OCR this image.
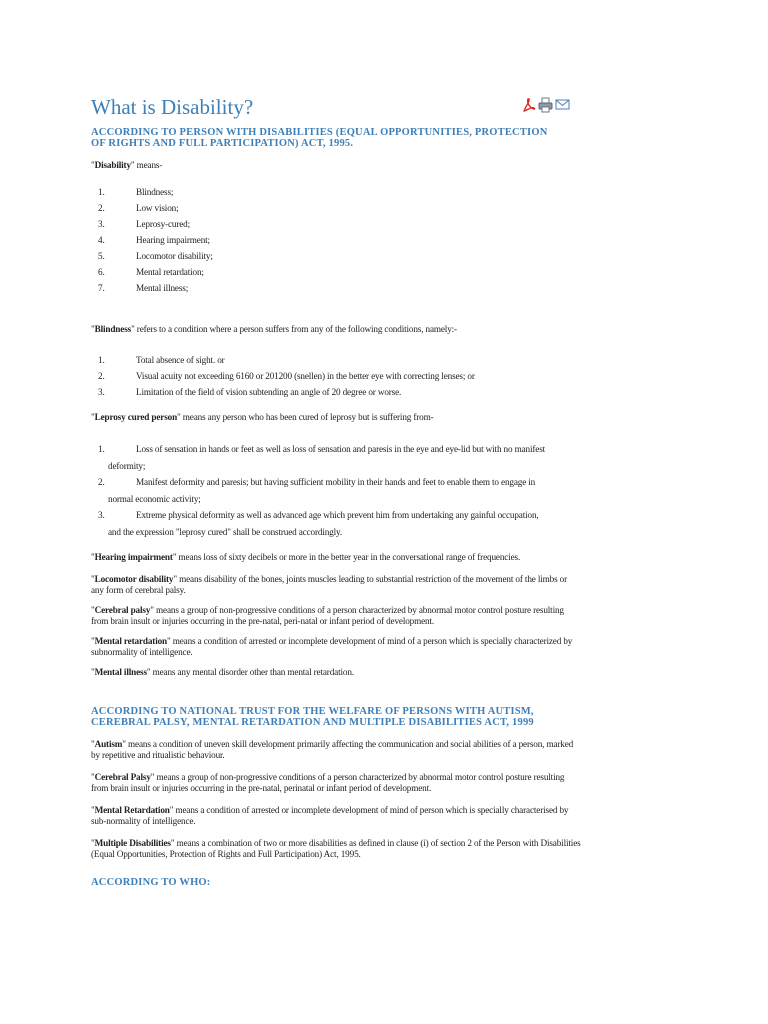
What is Disability?
ACCORDING TO PERSON WITH DISABILITIES (EQUAL OPPORTUNITIES, PROTECTION OF RIGHTS AND FULL PARTICIPATION) ACT, 1995.

"Disability" means-

1.	Blindness;
2.	Low vision;
3.	Leprosy-cured;
4.	Hearing impairment;
5.	Locomotor disability;
6.	Mental retardation;
7.	Mental illness;

"Blindness" refers to a condition where a person suffers from any of the following conditions, namely:-

1.	Total absence of sight. or
2.	Visual acuity not exceeding 6160 or 201200 (snellen) in the better eye with correcting lenses; or
3.	Limitation of the field of vision subtending an angle of 20 degree or worse.

"Leprosy cured person" means any person who has been cured of leprosy but is suffering from-

1.	Loss of sensation in hands or feet as well as loss of sensation and paresis in the eye and eye-lid but with no manifest
deformity;
2.	Manifest deformity and paresis; but having sufficient mobility in their hands and feet to enable them to engage in
normal economic activity;
3.	Extreme physical deformity as well as advanced age which prevent him from undertaking any gainful occupation,
and the expression "leprosy cured" shall be construed accordingly.

"Hearing impairment" means loss of sixty decibels or more in the better year in the conversational range of frequencies.

"Locomotor disability" means disability of the bones, joints muscles leading to substantial restriction of the movement of the limbs or any form of cerebral palsy.

"Cerebral palsy" means a group of non-progressive conditions of a person characterized by abnormal motor control posture resulting from brain insult or injuries occurring in the pre-natal, peri-natal or infant period of development.

"Mental retardation" means a condition of arrested or incomplete development of mind of a person which is specially characterized by subnormality of intelligence.

"Mental illness" means any mental disorder other than mental retardation.

ACCORDING TO NATIONAL TRUST FOR THE WELFARE OF PERSONS WITH AUTISM, CEREBRAL PALSY, MENTAL RETARDATION AND MULTIPLE DISABILITIES ACT, 1999

"Autism" means a condition of uneven skill development primarily affecting the communication and social abilities of a person, marked by repetitive and ritualistic behaviour.

"Cerebral Palsy" means a group of non-progressive conditions of a person characterized by abnormal motor control posture resulting from brain insult or injuries occurring in the pre-natal, perinatal or infant period of development.

"Mental Retardation" means a condition of arrested or incomplete development of mind of person which is specially characterised by sub-normality of intelligence.

"Multiple Disabilities" means a combination of two or more disabilities as defined in clause (i) of section 2 of the Person with Disabilities (Equal Opportunities, Protection of Rights and Full Participation) Act, 1995.

ACCORDING TO WHO:
